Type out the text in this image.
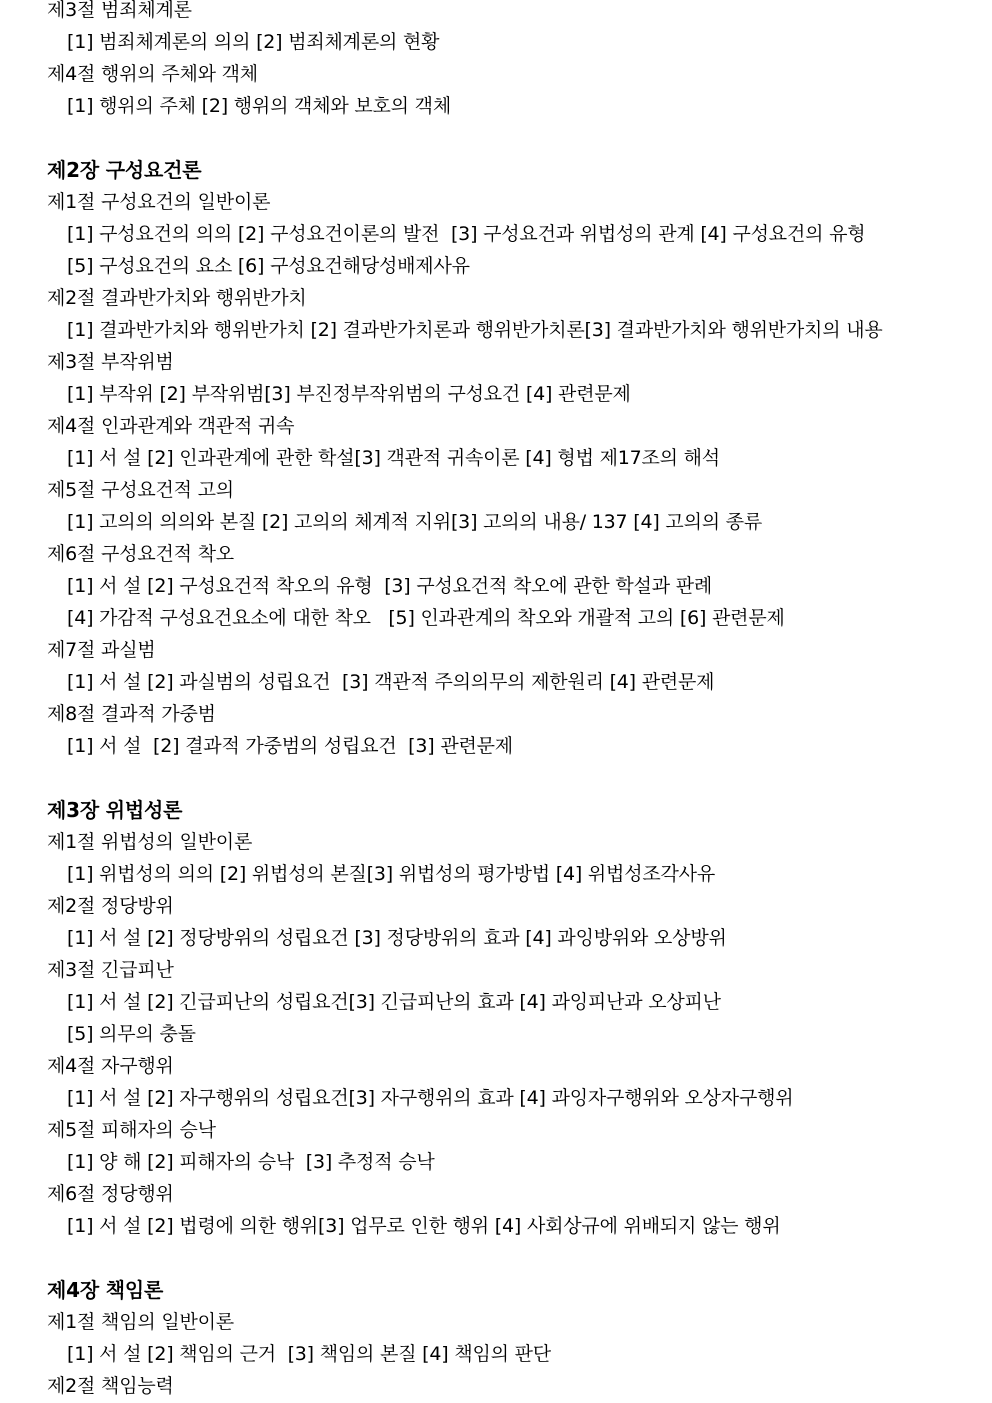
제3절 범죄체계론
[1] 범죄체계론의 의의 [2] 범죄체계론의 현황
제4절 행위의 주체와 객체
[1] 행위의 주체 [2] 행위의 객체와 보호의 객체
제2장 구성요건론
제1절 구성요건의 일반이론
[1] 구성요건의 의의 [2] 구성요건이론의 발전  [3] 구성요건과 위법성의 관계 [4] 구성요건의 유형
[5] 구성요건의 요소 [6] 구성요건해당성배제사유
제2절 결과반가치와 행위반가치
[1] 결과반가치와 행위반가치 [2] 결과반가치론과 행위반가치론[3] 결과반가치와 행위반가치의 내용
제3절 부작위범
[1] 부작위 [2] 부작위범[3] 부진정부작위범의 구성요건 [4] 관련문제
제4절 인과관계와 객관적 귀속
[1] 서 설 [2] 인과관계에 관한 학설[3] 객관적 귀속이론 [4] 형법 제17조의 해석
제5절 구성요건적 고의
[1] 고의의 의의와 본질 [2] 고의의 체계적 지위[3] 고의의 내용/ 137 [4] 고의의 종류
제6절 구성요건적 착오
[1] 서 설 [2] 구성요건적 착오의 유형  [3] 구성요건적 착오에 관한 학설과 판례
[4] 가감적 구성요건요소에 대한 착오   [5] 인과관계의 착오와 개괄적 고의 [6] 관련문제
제7절 과실범
[1] 서 설 [2] 과실범의 성립요건  [3] 객관적 주의의무의 제한원리 [4] 관련문제
제8절 결과적 가중범
[1] 서 설  [2] 결과적 가중범의 성립요건  [3] 관련문제
제3장 위법성론
제1절 위법성의 일반이론
[1] 위법성의 의의 [2] 위법성의 본질[3] 위법성의 평가방법 [4] 위법성조각사유
제2절 정당방위
[1] 서 설 [2] 정당방위의 성립요건 [3] 정당방위의 효과 [4] 과잉방위와 오상방위
제3절 긴급피난
[1] 서 설 [2] 긴급피난의 성립요건[3] 긴급피난의 효과 [4] 과잉피난과 오상피난
[5] 의무의 충돌
제4절 자구행위
[1] 서 설 [2] 자구행위의 성립요건[3] 자구행위의 효과 [4] 과잉자구행위와 오상자구행위
제5절 피해자의 승낙
[1] 양 해 [2] 피해자의 승낙  [3] 추정적 승낙
제6절 정당행위
[1] 서 설 [2] 법령에 의한 행위[3] 업무로 인한 행위 [4] 사회상규에 위배되지 않는 행위
제4장 책임론
제1절 책임의 일반이론
[1] 서 설 [2] 책임의 근거  [3] 책임의 본질 [4] 책임의 판단
제2절 책임능력
